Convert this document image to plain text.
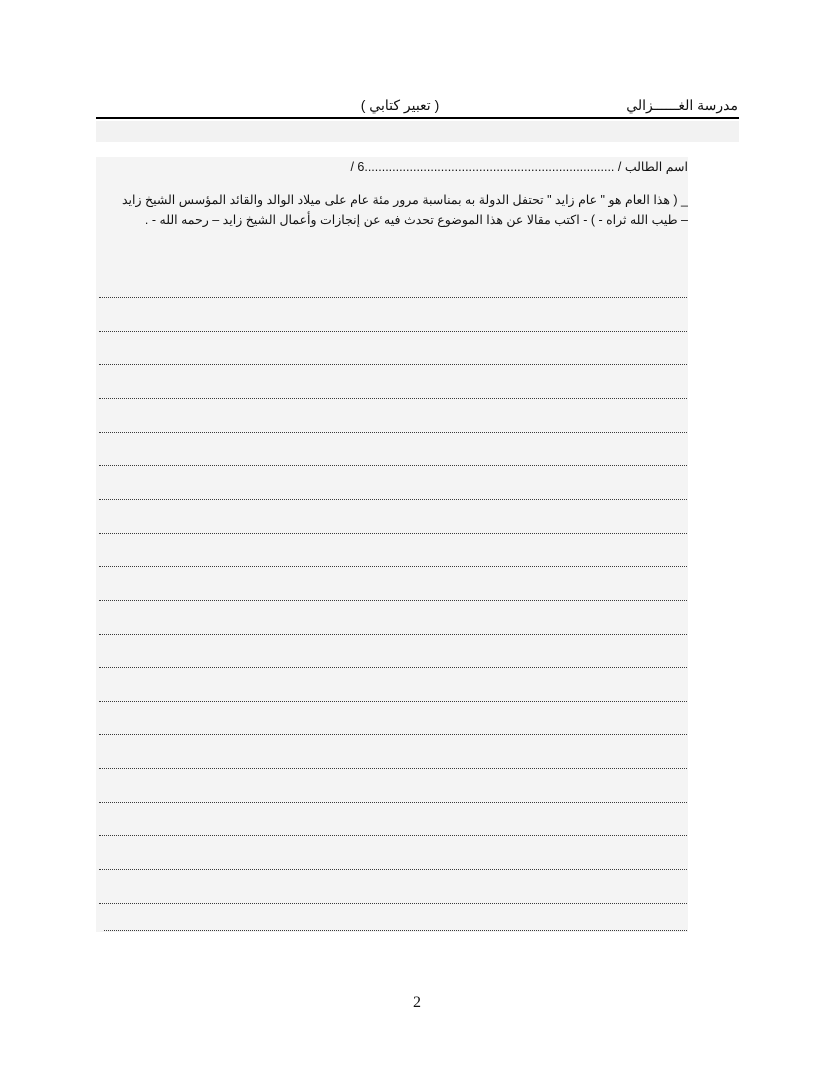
مدرسة الغــــــزالي
( تعبير كتابي )
اسم الطالب / ........................................................................6 /
_ ( هذا العام هو " عام زايد " تحتفل الدولة به بمناسبة مرور مئة عام على ميلاد الوالد والقائد المؤسس الشيخ زايد
– طيب الله ثراه - ) - اكتب مقالا عن هذا الموضوع تحدث فيه عن إنجازات وأعمال الشيخ زايد – رحمه الله - .
2
